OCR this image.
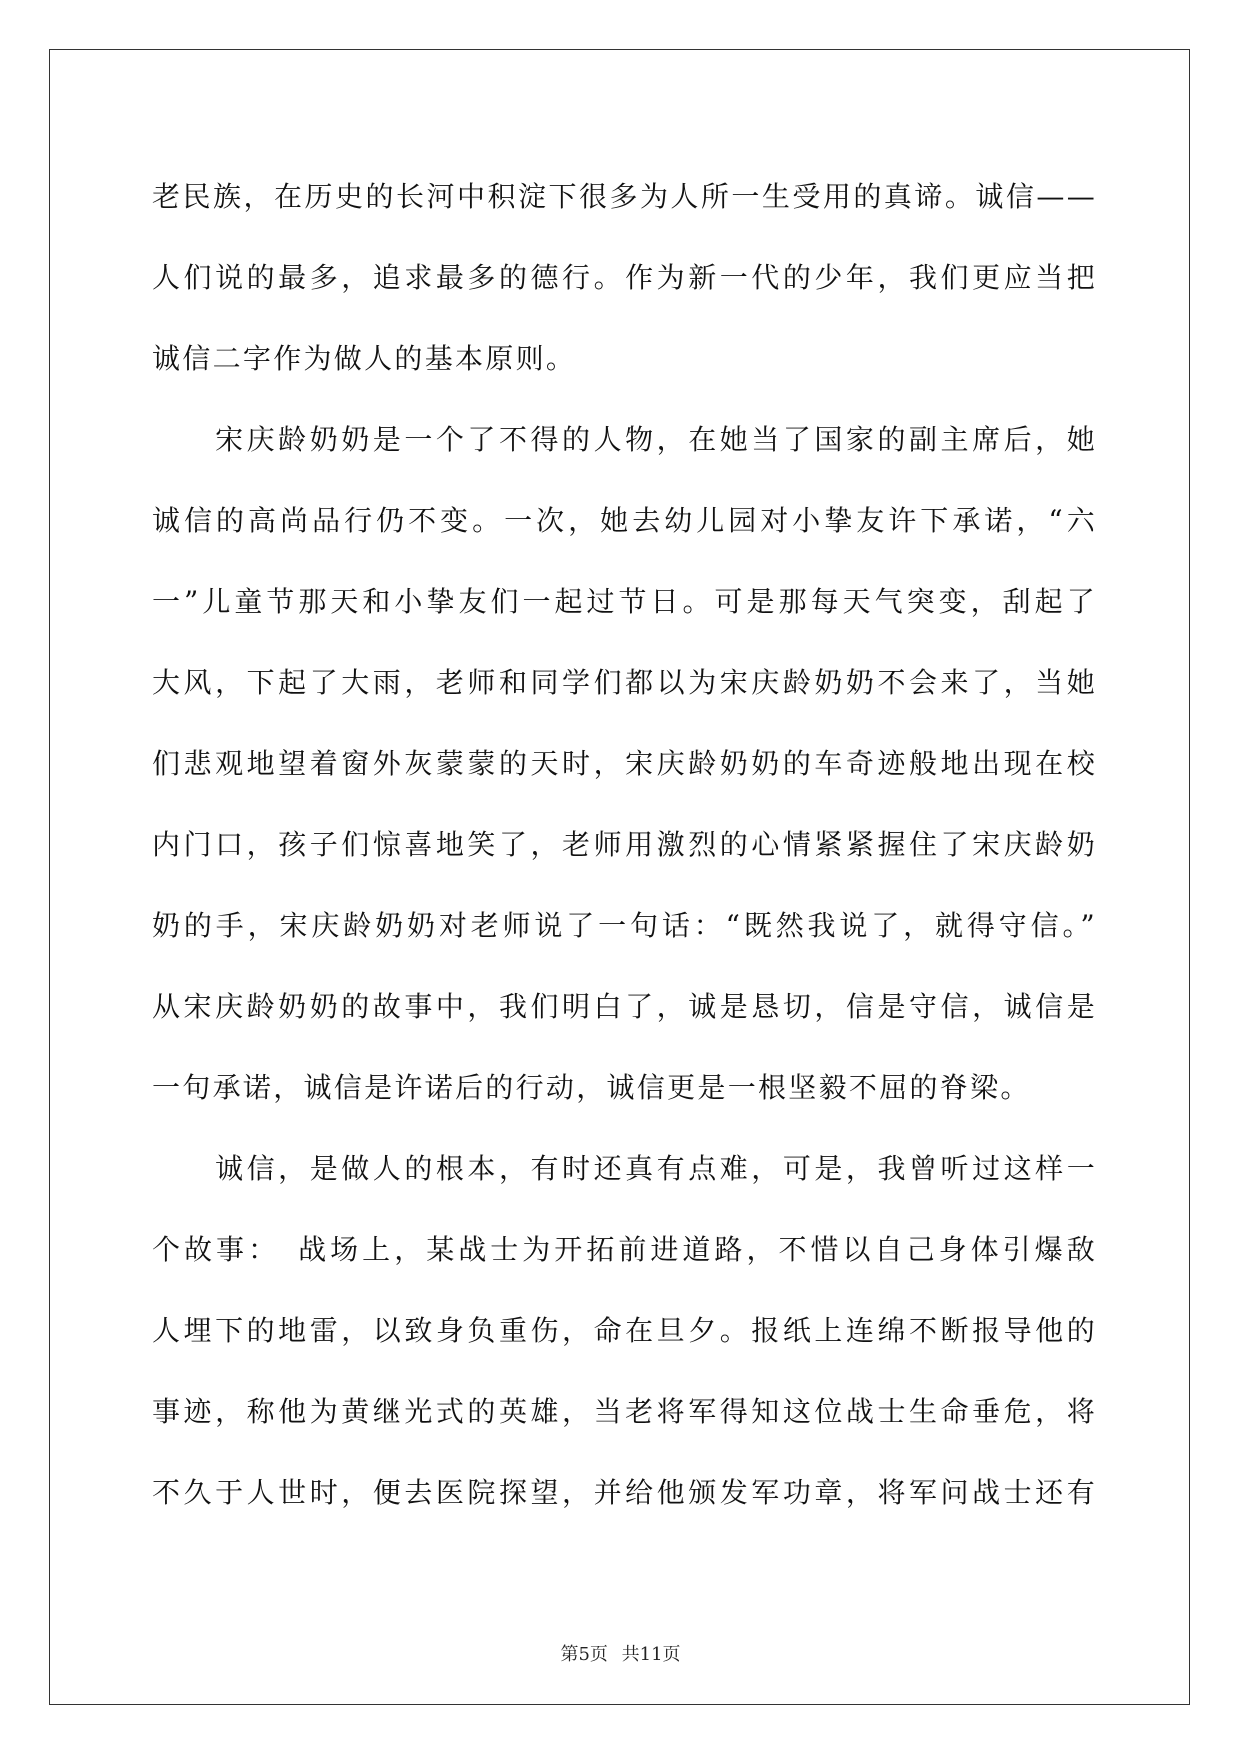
老民族，在历史的长河中积淀下很多为人所一生受用的真谛。诚信——
人们说的最多，追求最多的德行。作为新一代的少年，我们更应当把
诚信二字作为做人的基本原则。
　　宋庆龄奶奶是一个了不得的人物，在她当了国家的副主席后，她
诚信的高尚品行仍不变。一次，她去幼儿园对小挚友许下承诺，“六
一”儿童节那天和小挚友们一起过节日。可是那每天气突变，刮起了
大风，下起了大雨，老师和同学们都以为宋庆龄奶奶不会来了，当她
们悲观地望着窗外灰蒙蒙的天时，宋庆龄奶奶的车奇迹般地出现在校
内门口，孩子们惊喜地笑了，老师用激烈的心情紧紧握住了宋庆龄奶
奶的手，宋庆龄奶奶对老师说了一句话：“既然我说了，就得守信。”
从宋庆龄奶奶的故事中，我们明白了，诚是恳切，信是守信，诚信是
一句承诺，诚信是许诺后的行动，诚信更是一根坚毅不屈的脊梁。
　　诚信，是做人的根本，有时还真有点难，可是，我曾听过这样一
个故事：　战场上，某战士为开拓前进道路，不惜以自己身体引爆敌
人埋下的地雷，以致身负重伤，命在旦夕。报纸上连绵不断报导他的
事迹，称他为黄继光式的英雄，当老将军得知这位战士生命垂危，将
不久于人世时，便去医院探望，并给他颁发军功章，将军问战士还有
第5页 共11页
